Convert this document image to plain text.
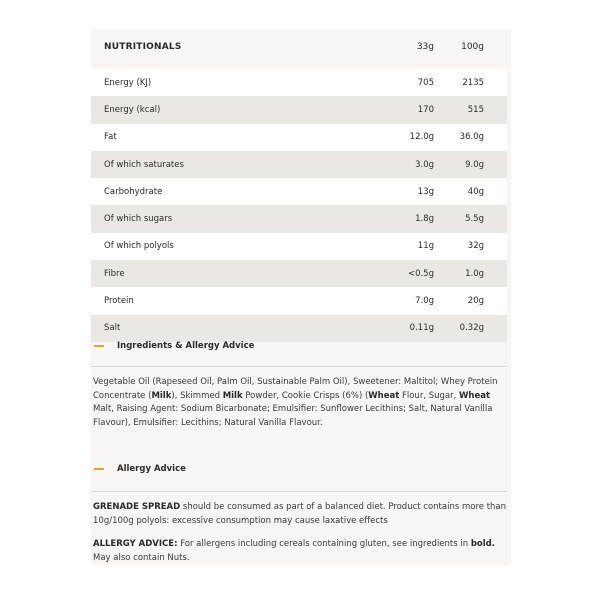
NUTRITIONALS	33g	100g
Energy (KJ)	705	2135
Energy (kcal)	170	515
Fat	12.0g	36.0g
Of which saturates	3.0g	9.0g
Carbohydrate	13g	40g
Of which sugars	1.8g	5.5g
Of which polyols	11g	32g
Fibre	<0.5g	1.0g
Protein	7.0g	20g
Salt	0.11g	0.32g
Ingredients & Allergy Advice

Vegetable Oil (Rapeseed Oil, Palm Oil, Sustainable Palm Oil), Sweetener: Maltitol; Whey Protein Concentrate (Milk), Skimmed Milk Powder, Cookie Crisps (6%) (Wheat Flour, Sugar, Wheat Malt, Raising Agent: Sodium Bicarbonate; Emulsifier: Sunflower Lecithins; Salt, Natural Vanilla Flavour), Emulsifier: Lecithins; Natural Vanilla Flavour.

Allergy Advice

GRENADE SPREAD should be consumed as part of a balanced diet. Product contains more than 10g/100g polyols: excessive consumption may cause laxative effects

ALLERGY ADVICE: For allergens including cereals containing gluten, see ingredients in bold. May also contain Nuts.
